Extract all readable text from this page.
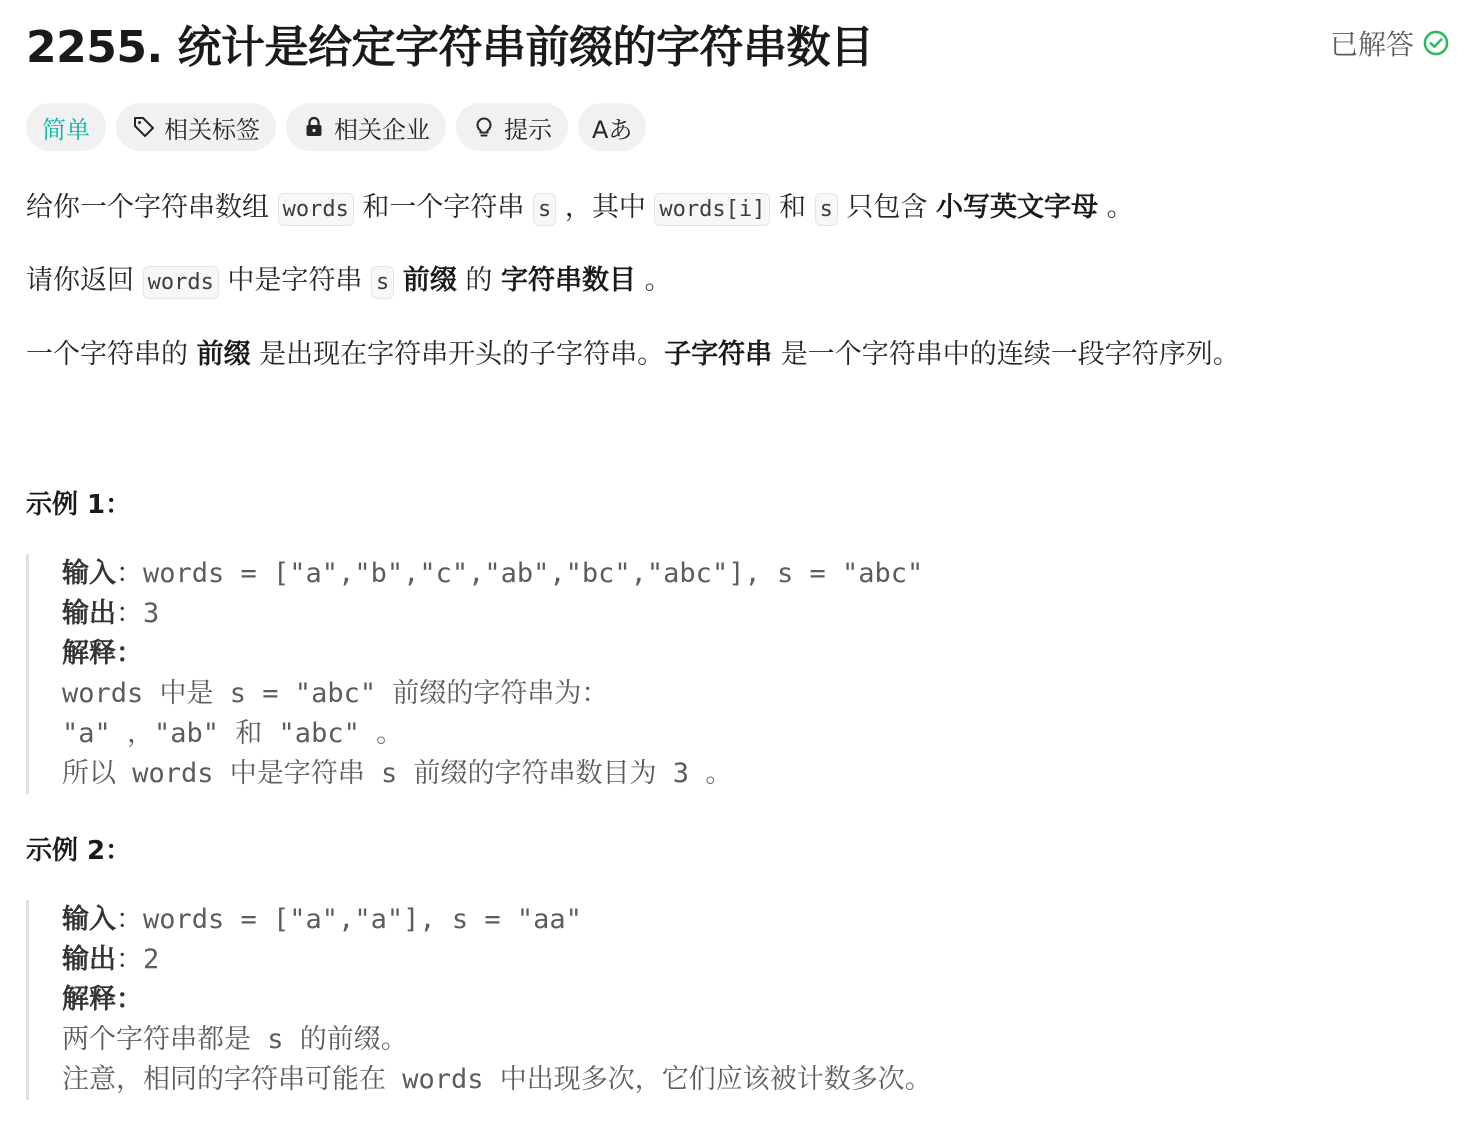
2255. 统计是给定字符串前缀的字符串数目	已解答
简单	相关标签	相关企业	提示 Aあ

给你一个字符串数组 words 和一个字符串 s ，其中 words[i] 和 s 只包含 小写英文字母 。

请你返回 words 中是字符串 s 前缀 的 字符串数目 。

一个字符串的 前缀 是出现在字符串开头的子字符串。子字符串 是一个字符串中的连续一段字符序列。

示例 1：
输入：words = ["a","b","c","ab","bc","abc"], s = "abc"
输出：3
解释：
words 中是 s = "abc" 前缀的字符串为：
"a" ，"ab" 和 "abc" 。
所以 words 中是字符串 s 前缀的字符串数目为 3 。
示例 2：
输入：words = ["a","a"], s = "aa"
输出：2
解释：
两个字符串都是 s 的前缀。
注意，相同的字符串可能在 words 中出现多次，它们应该被计数多次。
